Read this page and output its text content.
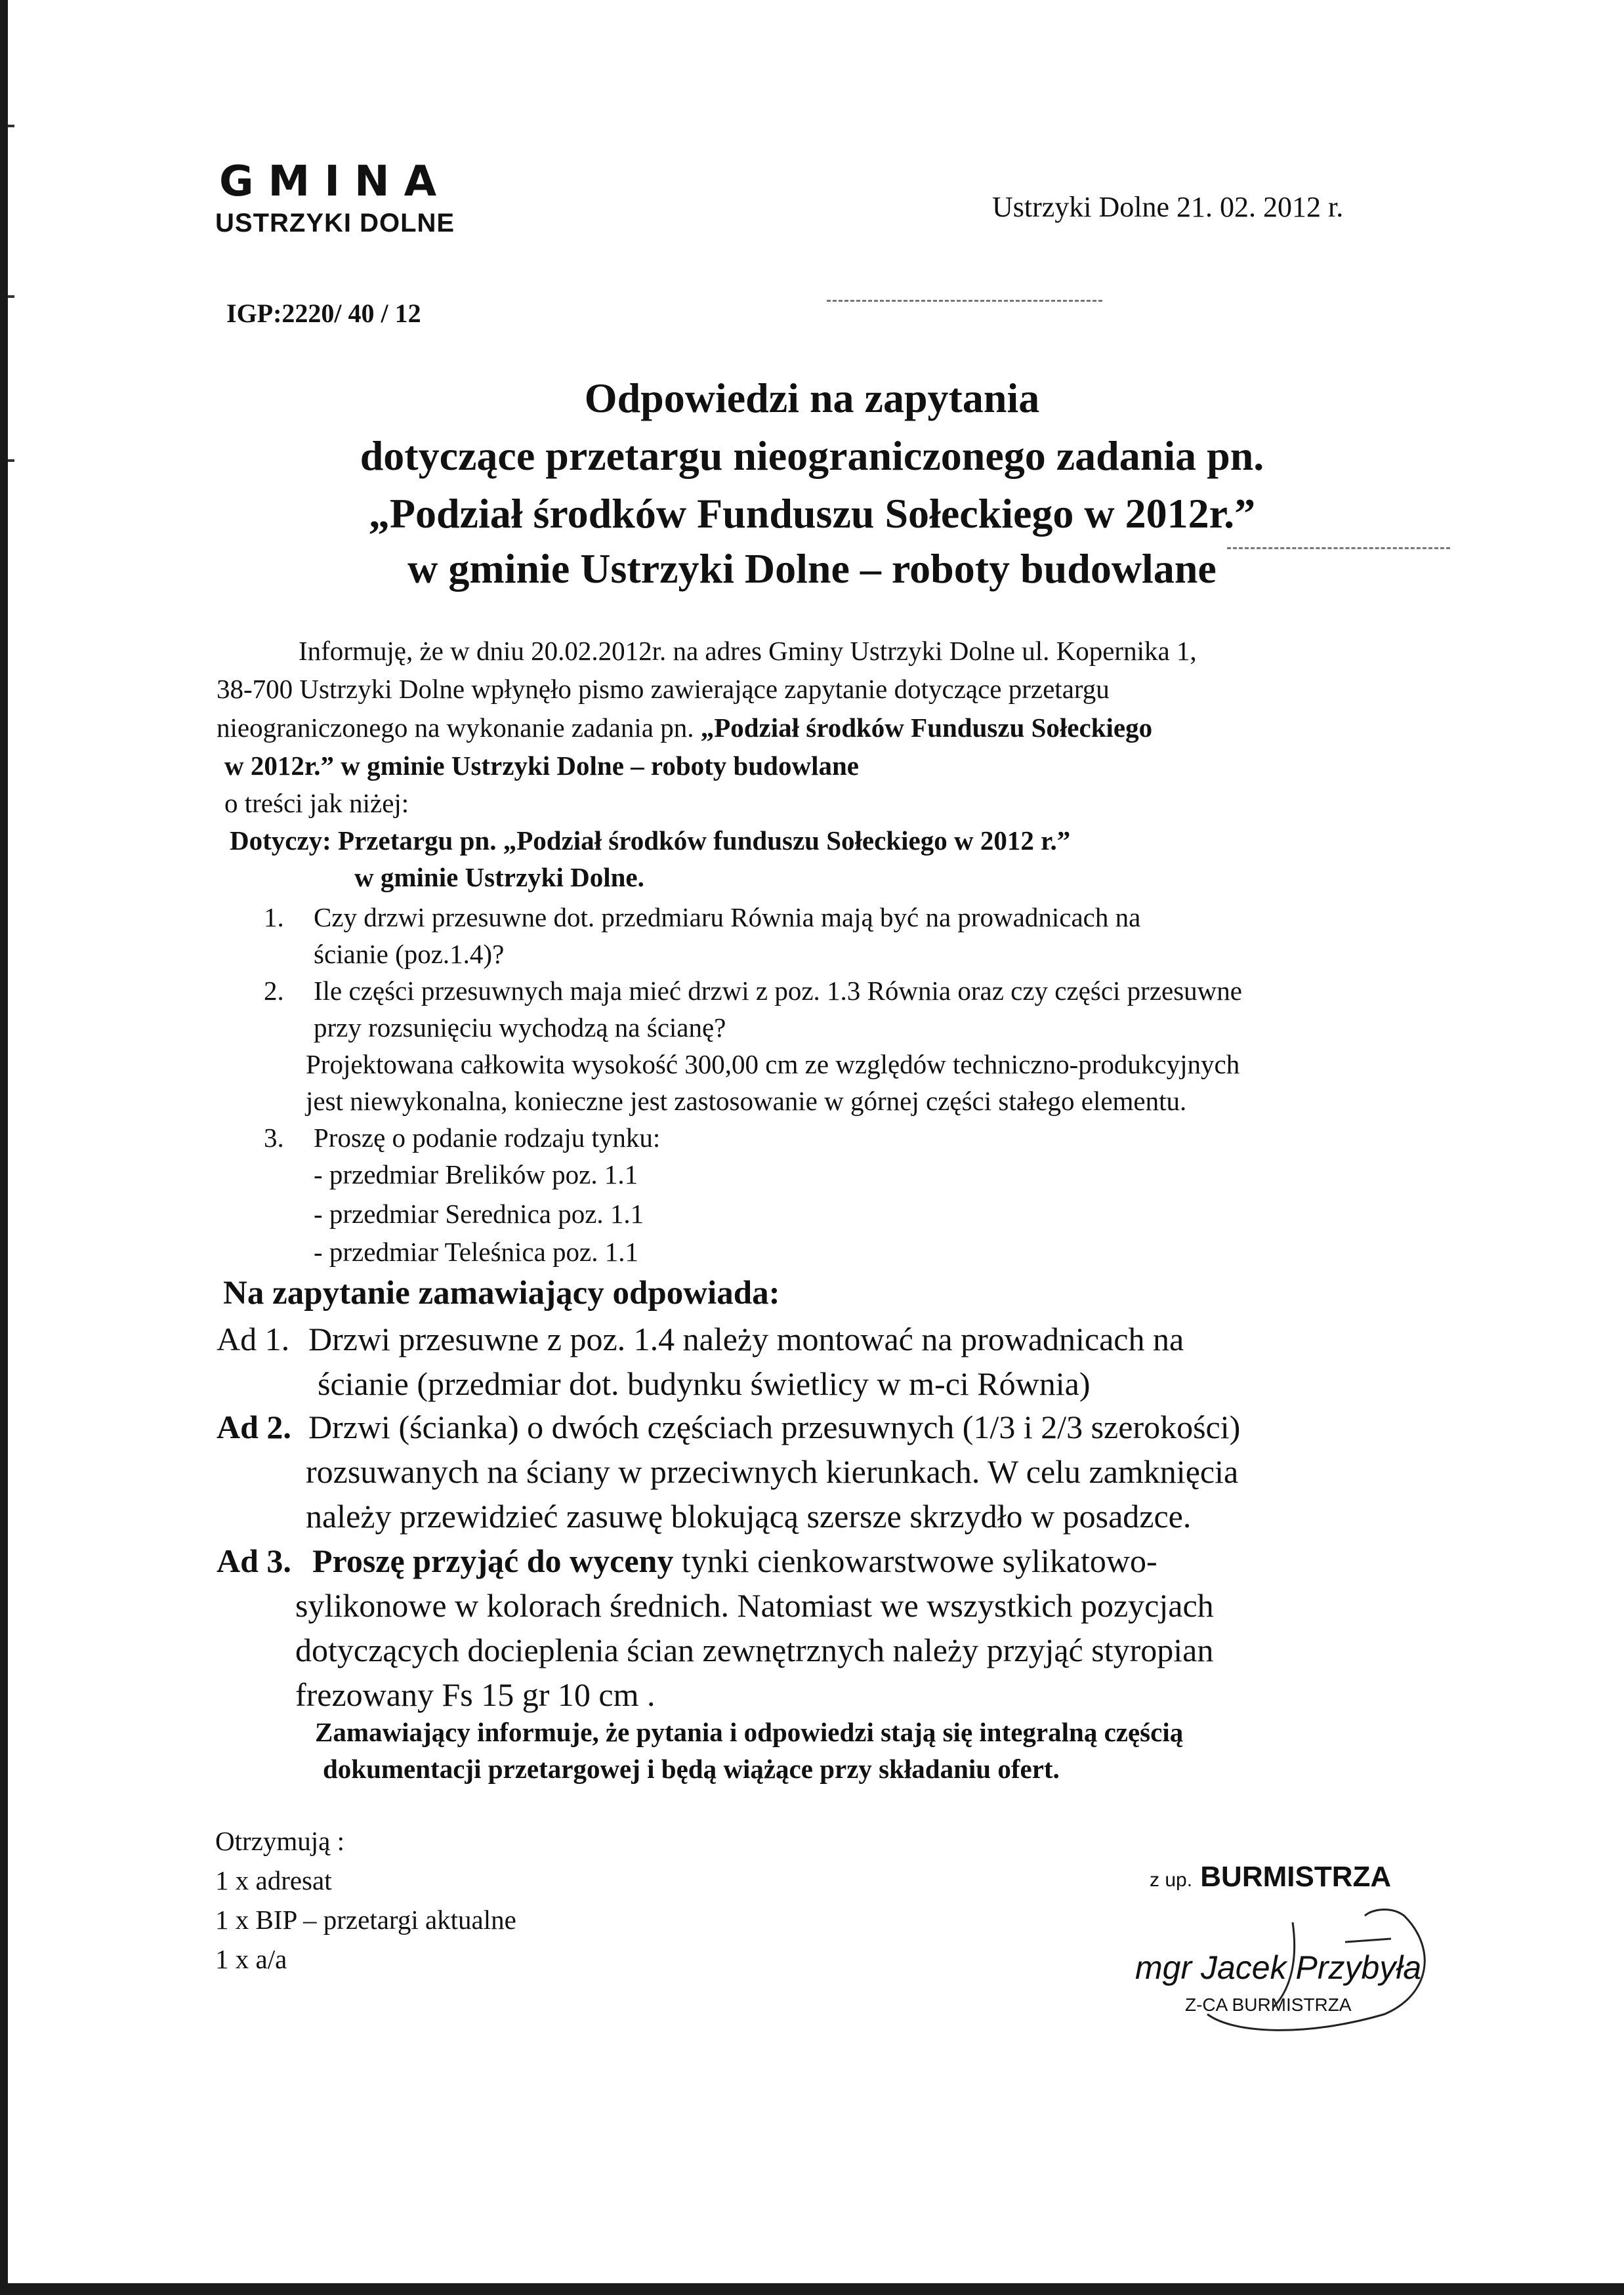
GMINA
USTRZYKI DOLNE	Ustrzyki Dolne 21. 02. 2012 r.
IGP:2220/ 40 / 12
Odpowiedzi na zapytania
dotyczące przetargu nieograniczonego zadania pn.
„Podział środków Funduszu Sołeckiego w 2012r.”
w gminie Ustrzyki Dolne – roboty budowlane
Informuję, że w dniu 20.02.2012r. na adres Gminy Ustrzyki Dolne ul. Kopernika 1,
38-700 Ustrzyki Dolne wpłynęło pismo zawierające zapytanie dotyczące przetargu
nieograniczonego na wykonanie zadania pn. „Podział środków Funduszu Sołeckiego
w 2012r.” w gminie Ustrzyki Dolne – roboty budowlane
o treści jak niżej:
Dotyczy: Przetargu pn. „Podział środków funduszu Sołeckiego w 2012 r.”
w gminie Ustrzyki Dolne.
1. Czy drzwi przesuwne dot. przedmiaru Równia mają być na prowadnicach na
ścianie (poz.1.4)?
2. Ile części przesuwnych maja mieć drzwi z poz. 1.3 Równia oraz czy części przesuwne
przy rozsunięciu wychodzą na ścianę?
Projektowana całkowita wysokość 300,00 cm ze względów techniczno-produkcyjnych
jest niewykonalna, konieczne jest zastosowanie w górnej części stałego elementu.
3. Proszę o podanie rodzaju tynku:
- przedmiar Brelików poz. 1.1
- przedmiar Serednica poz. 1.1
- przedmiar Teleśnica poz. 1.1
Na zapytanie zamawiający odpowiada:
Ad 1. Drzwi przesuwne z poz. 1.4 należy montować na prowadnicach na
ścianie (przedmiar dot. budynku świetlicy w m-ci Równia)
Ad 2. Drzwi (ścianka) o dwóch częściach przesuwnych (1/3 i 2/3 szerokości)
rozsuwanych na ściany w przeciwnych kierunkach. W celu zamknięcia
należy przewidzieć zasuwę blokującą szersze skrzydło w posadzce.
Ad 3. Proszę przyjąć do wyceny tynki cienkowarstwowe sylikatowo-
sylikonowe w kolorach średnich. Natomiast we wszystkich pozycjach
dotyczących docieplenia ścian zewnętrznych należy przyjąć styropian
frezowany Fs 15 gr 10 cm .
Zamawiający informuje, że pytania i odpowiedzi stają się integralną częścią
dokumentacji przetargowej i będą wiążące przy składaniu ofert.
Otrzymują :
1 x adresat
1 x BIP – przetargi aktualne
1 x a/a
z up. BURMISTRZA
mgr Jacek Przybyła
Z-CA BURMISTRZA
